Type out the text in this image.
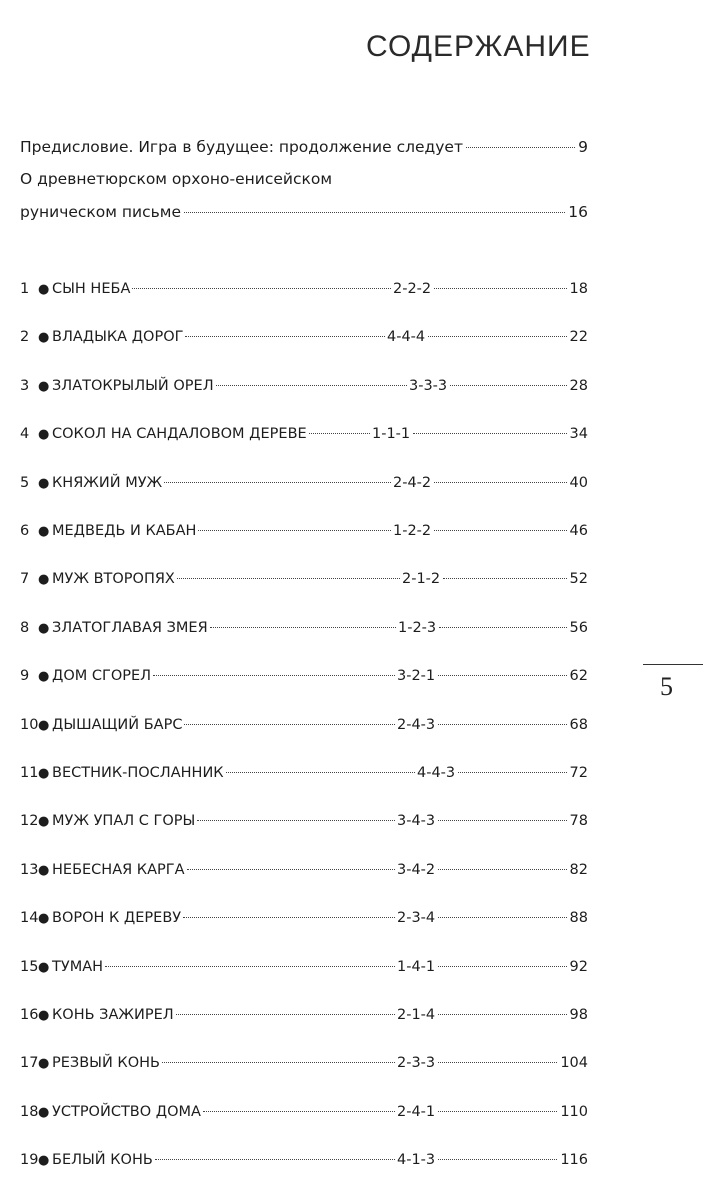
СОДЕРЖАНИЕ
Предисловие. Игра в будущее: продолжение следует	9
О древнетюрском орхоно-енисейском
руническом письме	16
1 ● СЫН НЕБА	2-2-2	18
2 ● ВЛАДЫКА ДОРОГ	4-4-4	22
3 ● ЗЛАТОКРЫЛЫЙ ОРЕЛ	3-3-3	28
4 ● СОКОЛ НА САНДАЛОВОМ ДЕРЕВЕ	1-1-1	34
5 ● КНЯЖИЙ МУЖ	2-4-2	40
6 ● МЕДВЕДЬ И КАБАН	1-2-2	46
7 ● МУЖ ВТОРОПЯХ	2-1-2	52
8 ● ЗЛАТОГЛАВАЯ ЗМЕЯ	1-2-3	56
9 ● ДОМ СГОРЕЛ	3-2-1	62
10 ● ДЫШАЩИЙ БАРС	2-4-3	68
11 ● ВЕСТНИК-ПОСЛАННИК	4-4-3	72
12 ● МУЖ УПАЛ С ГОРЫ	3-4-3	78
13 ● НЕБЕСНАЯ КАРГА	3-4-2	82
14 ● ВОРОН К ДЕРЕВУ	2-3-4	88
15 ● ТУМАН	1-4-1	92
16 ● КОНЬ ЗАЖИРЕЛ	2-1-4	98
17 ● РЕЗВЫЙ КОНЬ	2-3-3	104
18 ● УСТРОЙСТВО ДОМА	2-4-1	110
19 ● БЕЛЫЙ КОНЬ	4-1-3	116
5
